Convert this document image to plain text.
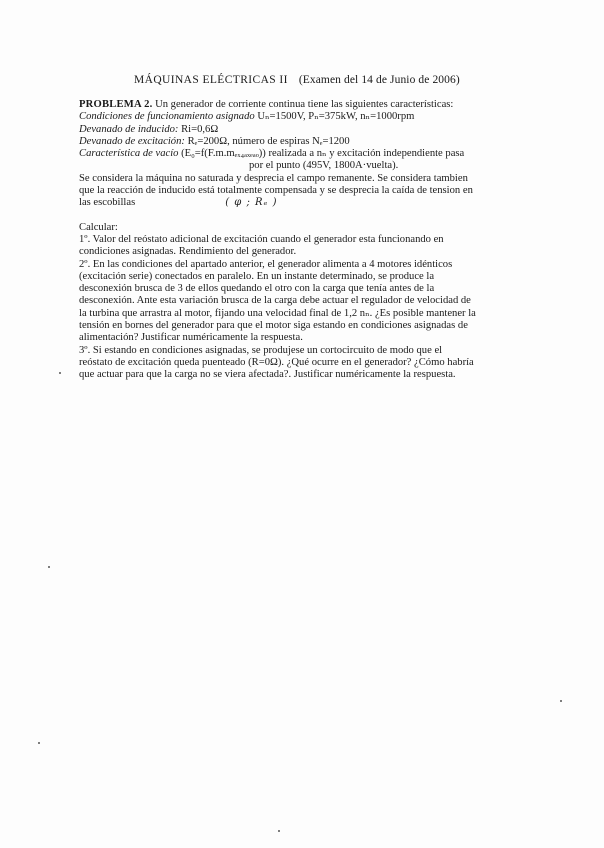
MÁQUINAS ELÉCTRICAS II (Examen del 14 de Junio de 2006)
PROBLEMA 2. Un generador de corriente continua tiene las siguientes características:
Condiciones de funcionamiento asignado Uₙ=1500V, Pₙ=375kW, nₙ=1000rpm
Devanado de inducido: Ri=0,6Ω
Devanado de excitación: Rₑ=200Ω, número de espiras Nₑ=1200
Característica de vacío (E₀=f(F.m.mₑₓ₄ₐₓₑₐₒ)) realizada a nₙ y excitación independiente pasa
por el punto (495V, 1800A·vuelta).
Se considera la máquina no saturada y desprecia el campo remanente. Se considera tambien
que la reacción de inducido está totalmente compensada y se desprecia la caída de tension en
las escobillas	( φ ; Rₑ )
Calcular:
1º. Valor del reóstato adicional de excitación cuando el generador esta funcionando en
condiciones asignadas. Rendimiento del generador.
2º. En las condiciones del apartado anterior, el generador alimenta a 4 motores idénticos
(excitación serie) conectados en paralelo. En un instante determinado, se produce la
desconexión brusca de 3 de ellos quedando el otro con la carga que tenía antes de la
desconexión. Ante esta variación brusca de la carga debe actuar el regulador de velocidad de
la turbina que arrastra al motor, fijando una velocidad final de 1,2 nₙ. ¿Es posible mantener la
tensión en bornes del generador para que el motor siga estando en condiciones asignadas de
alimentación? Justificar numéricamente la respuesta.
3º. Si estando en condiciones asignadas, se produjese un cortocircuito de modo que el
reóstato de excitación queda puenteado (R=0Ω). ¿Qué ocurre en el generador? ¿Cómo habría
que actuar para que la carga no se viera afectada?. Justificar numéricamente la respuesta.
